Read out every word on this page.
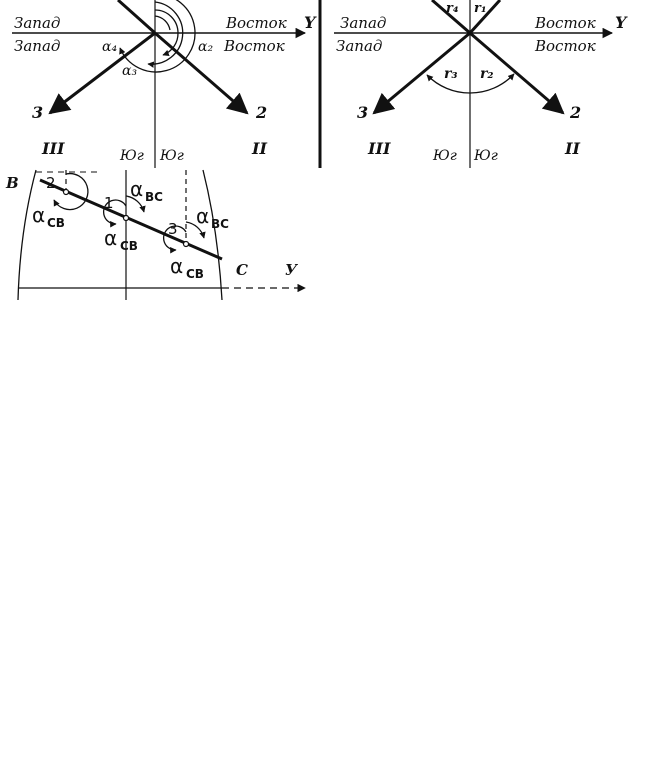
Запад
Запад
Восток
Восток
Y
α₄
α₃
α₂
3	2
III	II
Юг Юг
Запад
Запад
Восток
Восток
Y
r₄ r₁
r₃ r₂
3	2
III	II
Юг Юг
B
C У
2
1
3
α CB
α BC
α CB
α BC
α CB
